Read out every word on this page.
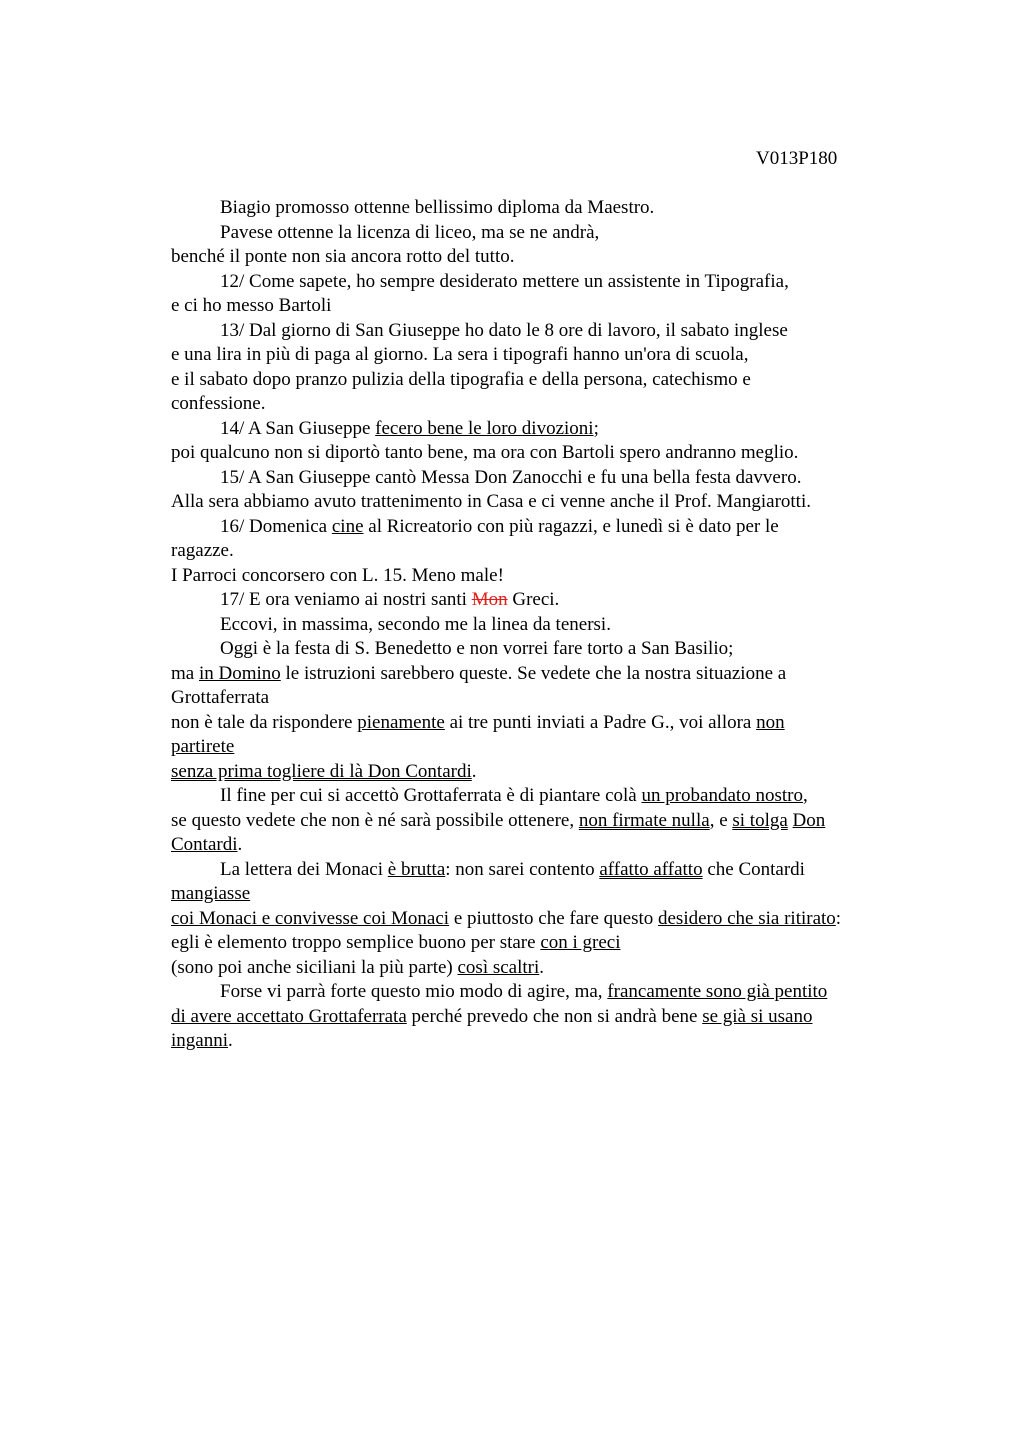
V013P180
Biagio promosso ottenne bellissimo diploma da Maestro.
Pavese ottenne la licenza di liceo, ma se ne andrà,
benché il ponte non sia ancora rotto del tutto.
12/ Come sapete, ho sempre desiderato mettere un assistente in Tipografia,
e ci ho messo Bartoli
13/ Dal giorno di San Giuseppe ho dato le 8 ore di lavoro, il sabato inglese
e una lira in più di paga al giorno. La sera i tipografi hanno un'ora di scuola,
e il sabato dopo pranzo pulizia della tipografia e della persona, catechismo e
confessione.
14/ A San Giuseppe fecero bene le loro divozioni;
poi qualcuno non si diportò tanto bene, ma ora con Bartoli spero andranno meglio.
15/ A San Giuseppe cantò Messa Don Zanocchi e fu una bella festa davvero.
Alla sera abbiamo avuto trattenimento in Casa e ci venne anche il Prof. Mangiarotti.
16/ Domenica cine al Ricreatorio con più ragazzi, e lunedì si è dato per le
ragazze.
I Parroci concorsero con L. 15. Meno male!
17/ E ora veniamo ai nostri santi Mon Greci.
Eccovi, in massima, secondo me la linea da tenersi.
Oggi è la festa di S. Benedetto e non vorrei fare torto a San Basilio;
ma in Domino le istruzioni sarebbero queste. Se vedete che la nostra situazione a
Grottaferrata
non è tale da rispondere pienamente ai tre punti inviati a Padre G., voi allora non
partirete
senza prima togliere di là Don Contardi.
Il fine per cui si accettò Grottaferrata è di piantare colà un probandato nostro,
se questo vedete che non è né sarà possibile ottenere, non firmate nulla, e si tolga Don
Contardi.
La lettera dei Monaci è brutta: non sarei contento affatto affatto che Contardi
mangiasse
coi Monaci e convivesse coi Monaci e piuttosto che fare questo desidero che sia ritirato:
egli è elemento troppo semplice buono per stare con i greci
(sono poi anche siciliani la più parte) così scaltri.
Forse vi parrà forte questo mio modo di agire, ma, francamente sono già pentito
di avere accettato Grottaferrata perché prevedo che non si andrà bene se già si usano
inganni.
